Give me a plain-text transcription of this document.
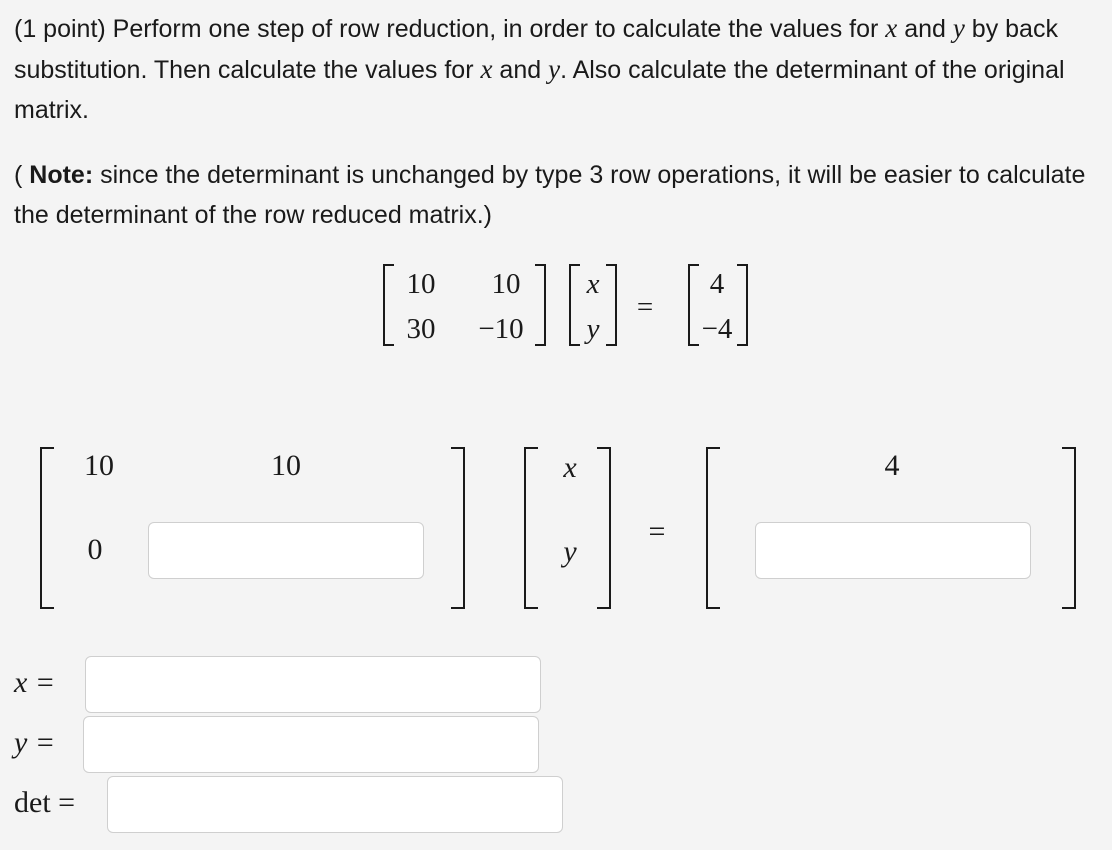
(1 point) Perform one step of row reduction, in order to calculate the values for x and y by back substitution. Then calculate the values for x and y. Also calculate the determinant of the original matrix.

( Note: since the determinant is unchanged by type 3 row operations, it will be easier to calculate the determinant of the row reduced matrix.)

10 10
30 −10
x
y
=
4
−4
10	10
0
x
y
=
4
x =
y =
det =
